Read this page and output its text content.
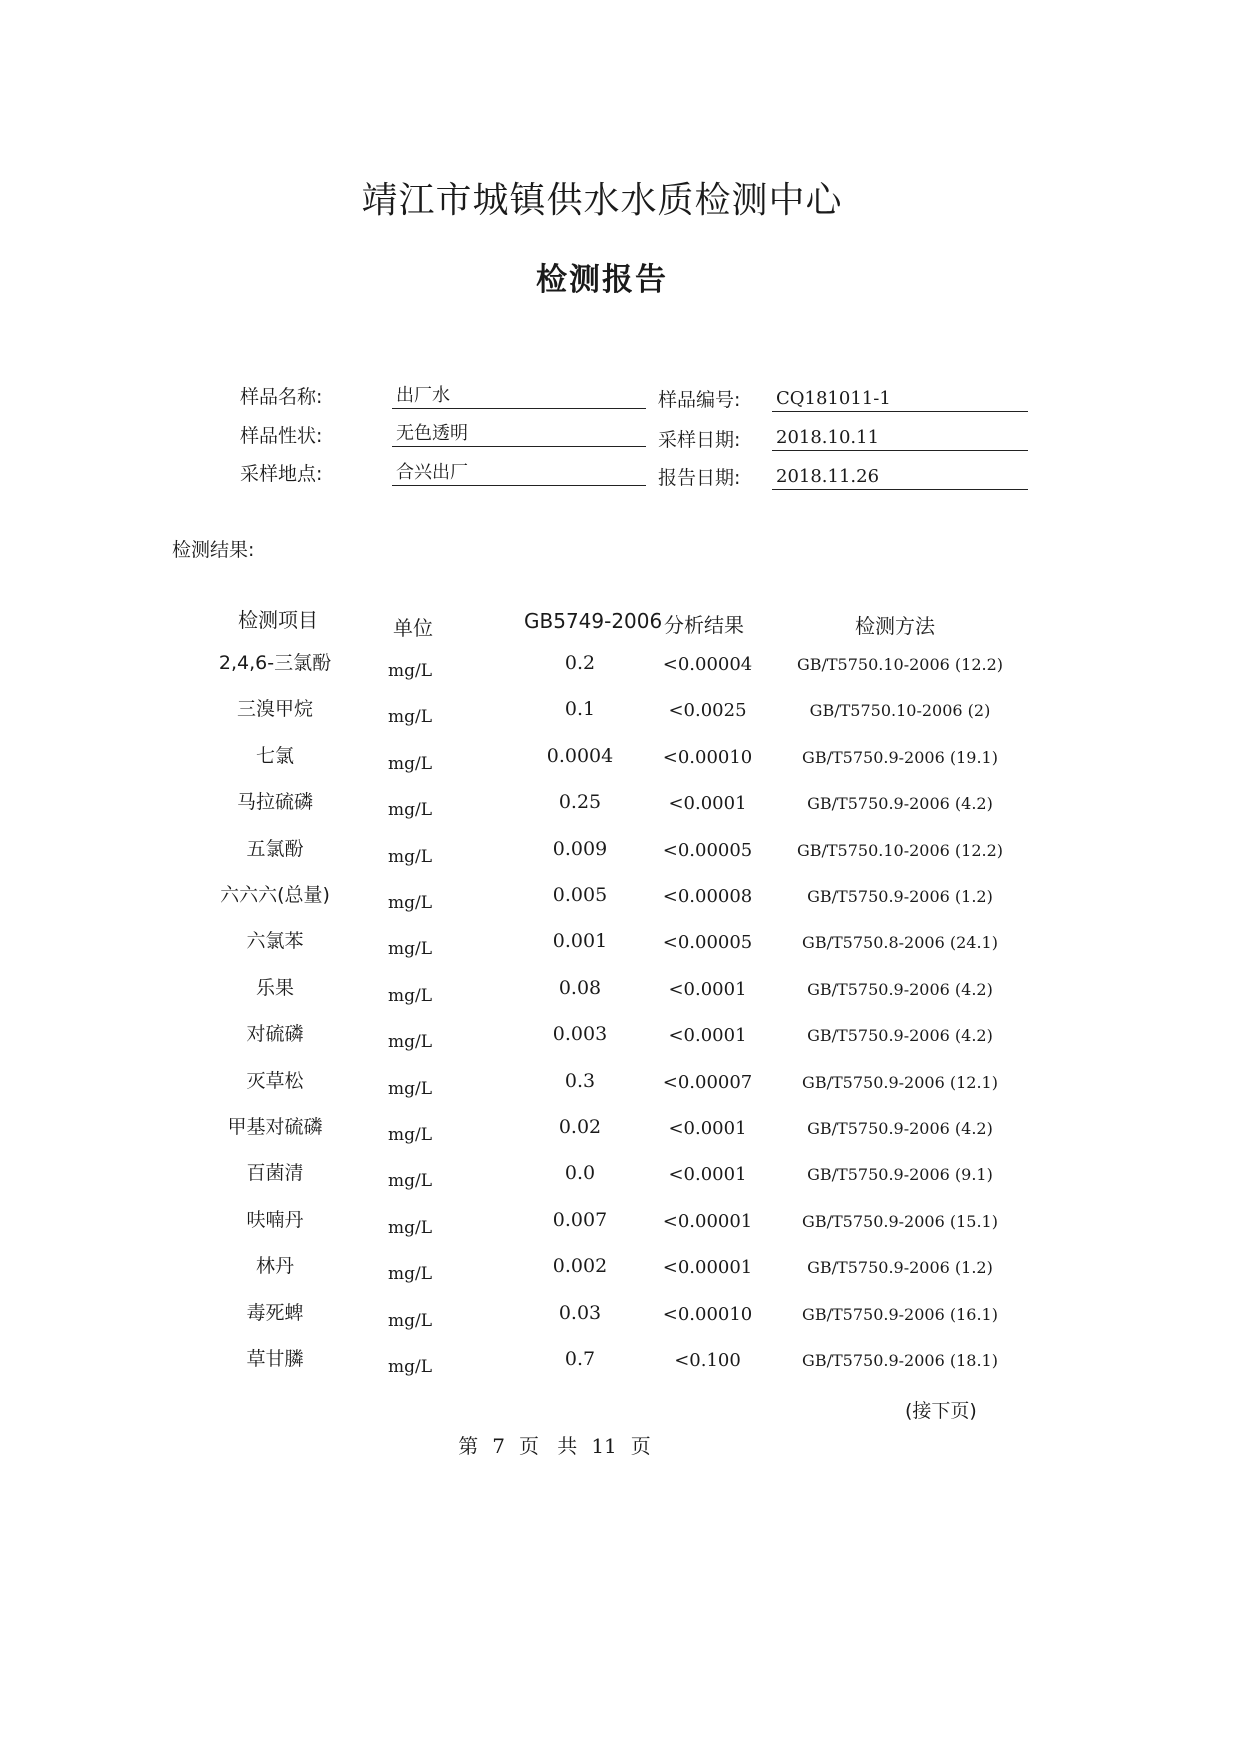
靖江市城镇供水水质检测中心
检测报告
样品名称:	出厂水	样品编号: CQ181011-1
样品性状:	无色透明	采样日期: 2018.10.11
采样地点:	合兴出厂	报告日期: 2018.11.26
检测结果:
检测项目	单位	GB5749-2006 分析结果	检测方法
2,4,6-三氯酚	mg/L	0.2	<0.00004	GB/T5750.10-2006 (12.2)
三溴甲烷	mg/L	0.1	<0.0025	GB/T5750.10-2006 (2)
七氯	mg/L	0.0004	<0.00010	GB/T5750.9-2006 (19.1)
马拉硫磷	mg/L	0.25	<0.0001	GB/T5750.9-2006 (4.2)
五氯酚	mg/L	0.009	<0.00005	GB/T5750.10-2006 (12.2)
六六六(总量)	mg/L	0.005	<0.00008	GB/T5750.9-2006 (1.2)
六氯苯	mg/L	0.001	<0.00005	GB/T5750.8-2006 (24.1)
乐果	mg/L	0.08	<0.0001	GB/T5750.9-2006 (4.2)
对硫磷	mg/L	0.003	<0.0001	GB/T5750.9-2006 (4.2)
灭草松	mg/L	0.3	<0.00007	GB/T5750.9-2006 (12.1)
甲基对硫磷	mg/L	0.02	<0.0001	GB/T5750.9-2006 (4.2)
百菌清	mg/L	0.0	<0.0001	GB/T5750.9-2006 (9.1)
呋喃丹	mg/L	0.007	<0.00001	GB/T5750.9-2006 (15.1)
林丹	mg/L	0.002	<0.00001	GB/T5750.9-2006 (1.2)
毒死蜱	mg/L	0.03	<0.00010	GB/T5750.9-2006 (16.1)
草甘膦	mg/L	0.7	<0.100	GB/T5750.9-2006 (18.1)
(接下页)
第 7 页 共 11 页
